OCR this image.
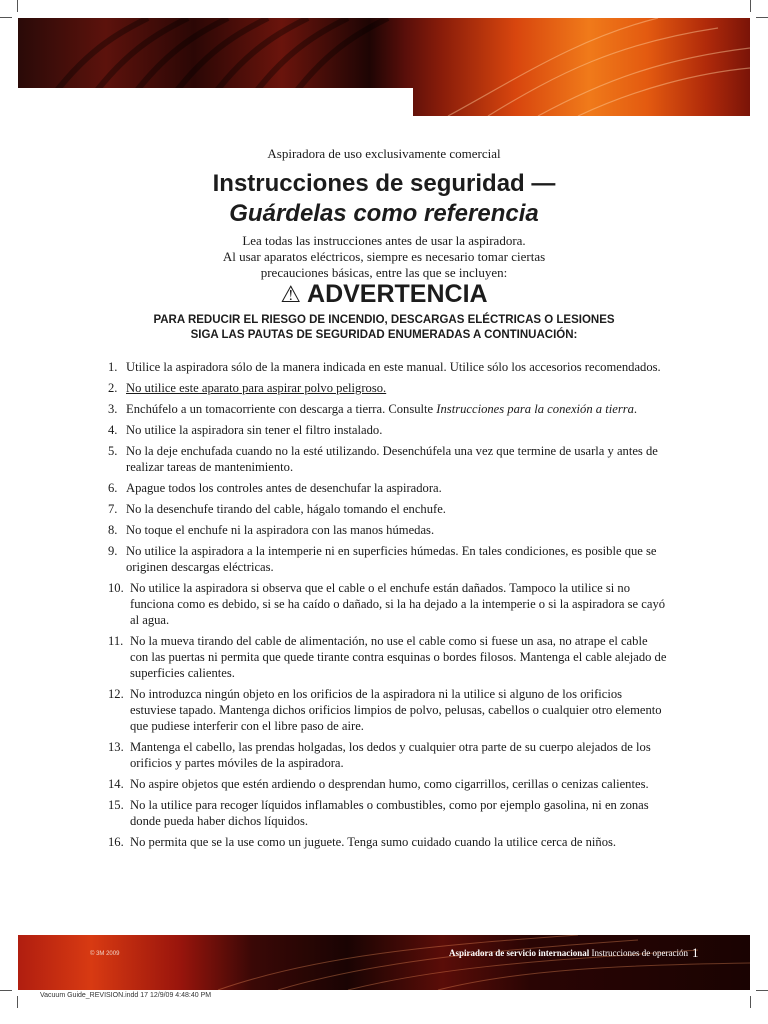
Aspiradora de uso exclusivamente comercial
Instrucciones de seguridad —
Guárdelas como referencia
Lea todas las instrucciones antes de usar la aspiradora.
Al usar aparatos eléctricos, siempre es necesario tomar ciertas
precauciones básicas, entre las que se incluyen:
⚠ ADVERTENCIA
PARA REDUCIR EL RIESGO DE INCENDIO, DESCARGAS ELÉCTRICAS O LESIONES
SIGA LAS PAUTAS DE SEGURIDAD ENUMERADAS A CONTINUACIÓN:
1. Utilice la aspiradora sólo de la manera indicada en este manual. Utilice sólo los accesorios recomendados.
2. No utilice este aparato para aspirar polvo peligroso.
3. Enchúfelo a un tomacorriente con descarga a tierra. Consulte Instrucciones para la conexión a tierra.
4. No utilice la aspiradora sin tener el filtro instalado.
5. No la deje enchufada cuando no la esté utilizando. Desenchúfela una vez que termine de usarla y antes de realizar tareas de mantenimiento.
6. Apague todos los controles antes de desenchufar la aspiradora.
7. No la desenchufe tirando del cable, hágalo tomando el enchufe.
8. No toque el enchufe ni la aspiradora con las manos húmedas.
9. No utilice la aspiradora a la intemperie ni en superficies húmedas. En tales condiciones, es posible que se originen descargas eléctricas.
10. No utilice la aspiradora si observa que el cable o el enchufe están dañados. Tampoco la utilice si no funciona como es debido, si se ha caído o dañado, si la ha dejado a la intemperie o si la aspiradora se cayó al agua.
11. No la mueva tirando del cable de alimentación, no use el cable como si fuese un asa, no atrape el cable con las puertas ni permita que quede tirante contra esquinas o bordes filosos. Mantenga el cable alejado de superficies calientes.
12. No introduzca ningún objeto en los orificios de la aspiradora ni la utilice si alguno de los orificios estuviese tapado. Mantenga dichos orificios limpios de polvo, pelusas, cabellos o cualquier otro elemento que pudiese interferir con el libre paso de aire.
13. Mantenga el cabello, las prendas holgadas, los dedos y cualquier otra parte de su cuerpo alejados de los orificios y partes móviles de la aspiradora.
14. No aspire objetos que estén ardiendo o desprendan humo, como cigarrillos, cerillas o cenizas calientes.
15. No la utilice para recoger líquidos inflamables o combustibles, como por ejemplo gasolina, ni en zonas donde pueda haber dichos líquidos.
16. No permita que se la use como un juguete. Tenga sumo cuidado cuando la utilice cerca de niños.
© 3M 2009	Aspiradora de servicio internacional Instrucciones de operación 1
Vacuum Guide_REVISION.indd 17 12/9/09 4:48:40 PM
